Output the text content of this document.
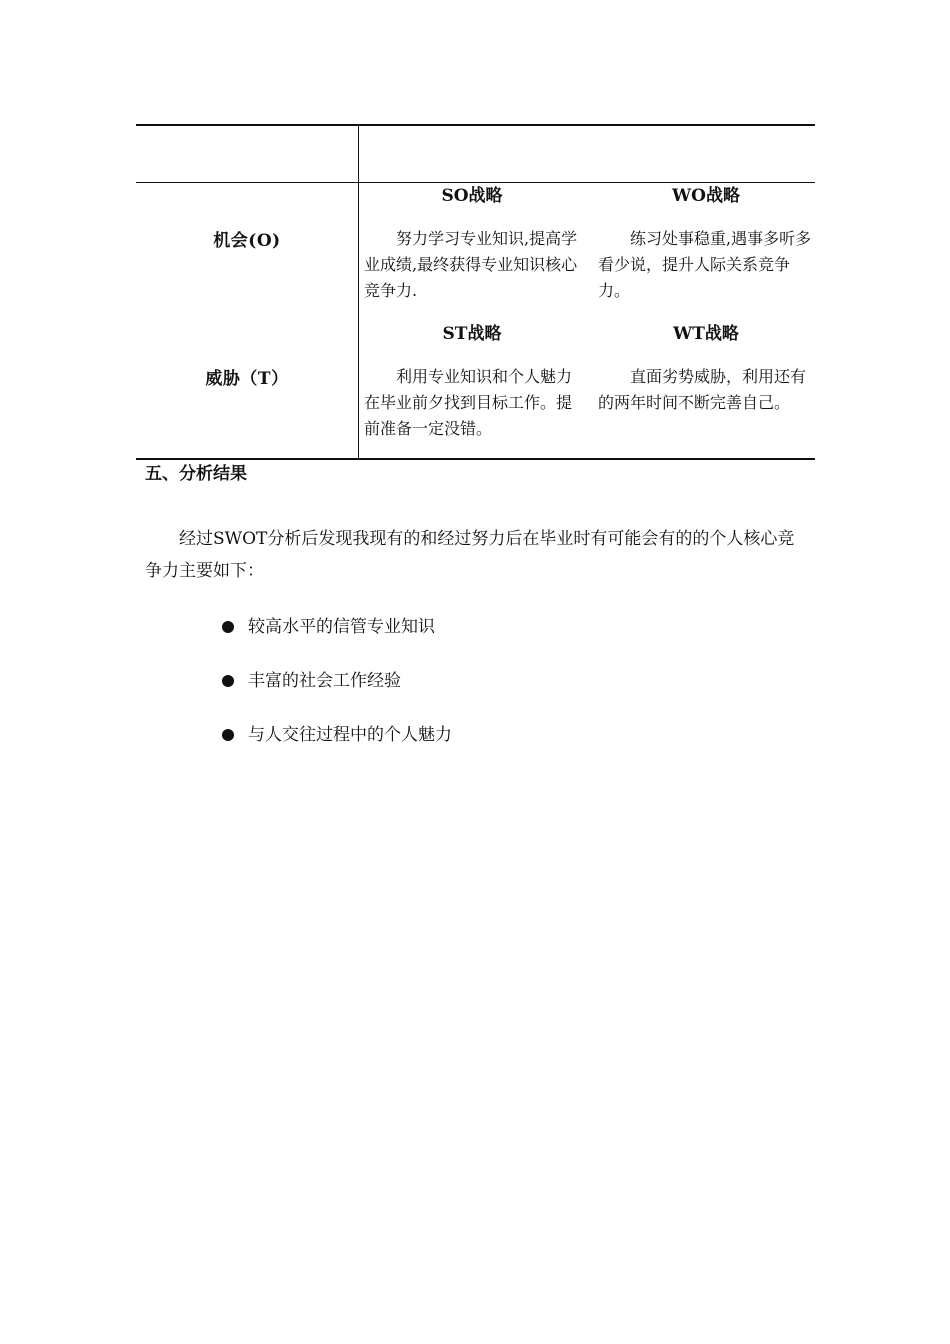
机会(O)
SO战略

努力学习专业知识,提高学业成绩,最终获得专业知识核心竞争力.

WO战略

练习处事稳重,遇事多听多看少说，提升人际关系竞争力。

威胁（T）
ST战略

利用专业知识和个人魅力在毕业前夕找到目标工作。提前准备一定没错。

WT战略

直面劣势威胁，利用还有的两年时间不断完善自己。

五、分析结果

经过SWOT分析后发现我现有的和经过努力后在毕业时有可能会有的的个人核心竞争力主要如下：

较高水平的信管专业知识
丰富的社会工作经验
与人交往过程中的个人魅力
